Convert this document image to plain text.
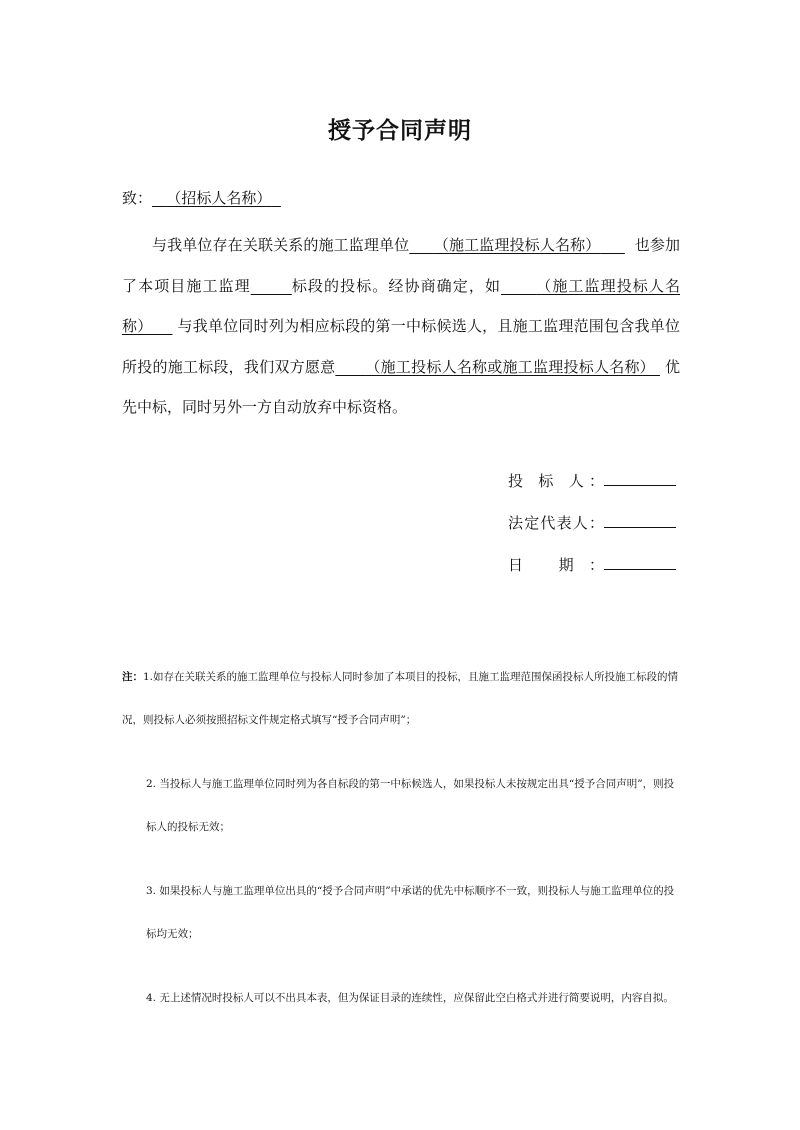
授予合同声明
致： （招标人名称）
与我单位存在关联关系的施工监理单位 （施工监理投标人名称） 也参加了本项目施工监理	标段的投标。经协商确定，如 （施工监理投标人名称） 与我单位同时列为相应标段的第一中标候选人，且施工监理范围包含我单位所投的施工标段，我们双方愿意 （施工投标人名称或施工监理投标人名称） 优先中标，同时另外一方自动放弃中标资格。
投 标 人：
法定代表人：
日 期：

注：1.如存在关联关系的施工监理单位与投标人同时参加了本项目的投标，且施工监理范围保函投标人所投施工标段的情况，则投标人必须按照招标文件规定格式填写“授予合同声明”；

2. 当投标人与施工监理单位同时列为各自标段的第一中标候选人，如果投标人未按规定出具“授予合同声明”，则投标人的投标无效；

3. 如果投标人与施工监理单位出具的“授予合同声明”中承诺的优先中标顺序不一致，则投标人与施工监理单位的投标均无效；

4. 无上述情况时投标人可以不出具本表，但为保证目录的连续性，应保留此空白格式并进行简要说明，内容自拟。
